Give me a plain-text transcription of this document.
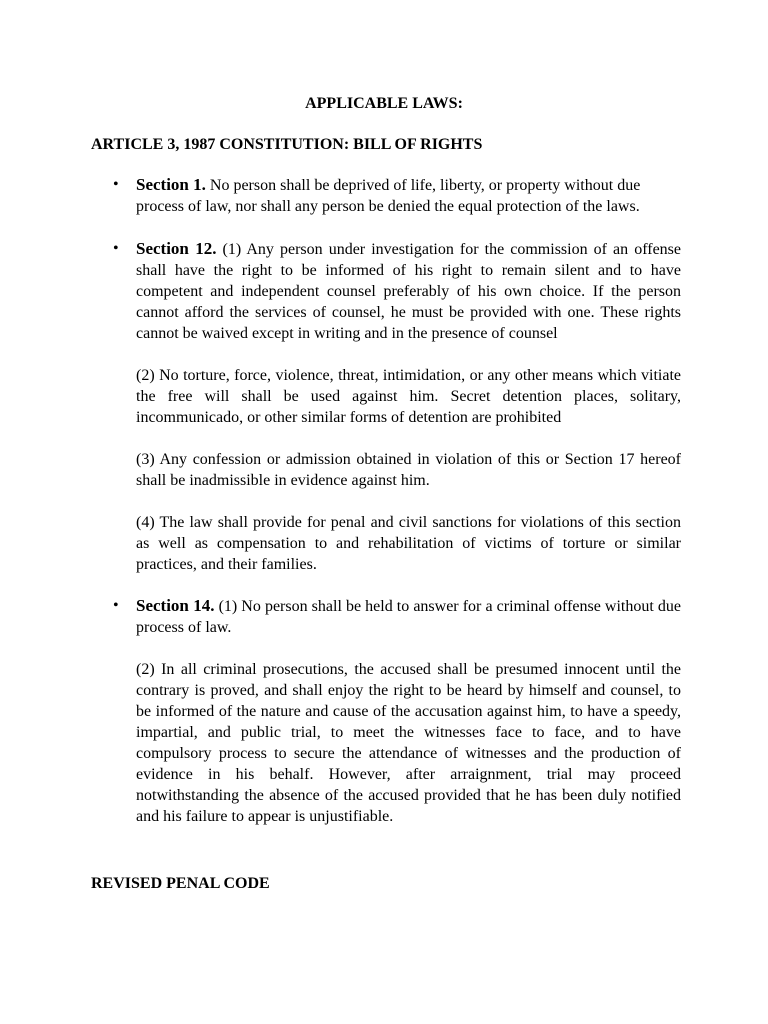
APPLICABLE LAWS:
ARTICLE 3, 1987 CONSTITUTION: BILL OF RIGHTS
• Section 1. No person shall be deprived of life, liberty, or property without due process of law, nor shall any person be denied the equal protection of the laws.

• Section 12. (1) Any person under investigation for the commission of an offense shall have the right to be informed of his right to remain silent and to have competent and independent counsel preferably of his own choice. If the person cannot afford the services of counsel, he must be provided with one. These rights cannot be waived except in writing and in the presence of counsel

(2) No torture, force, violence, threat, intimidation, or any other means which vitiate the free will shall be used against him. Secret detention places, solitary, incommunicado, or other similar forms of detention are prohibited

(3) Any confession or admission obtained in violation of this or Section 17 hereof shall be inadmissible in evidence against him.

(4) The law shall provide for penal and civil sanctions for violations of this section as well as compensation to and rehabilitation of victims of torture or similar practices, and their families.

• Section 14. (1) No person shall be held to answer for a criminal offense without due process of law.

(2) In all criminal prosecutions, the accused shall be presumed innocent until the contrary is proved, and shall enjoy the right to be heard by himself and counsel, to be informed of the nature and cause of the accusation against him, to have a speedy, impartial, and public trial, to meet the witnesses face to face, and to have compulsory process to secure the attendance of witnesses and the production of evidence in his behalf. However, after arraignment, trial may proceed notwithstanding the absence of the accused provided that he has been duly notified and his failure to appear is unjustifiable.

REVISED PENAL CODE
